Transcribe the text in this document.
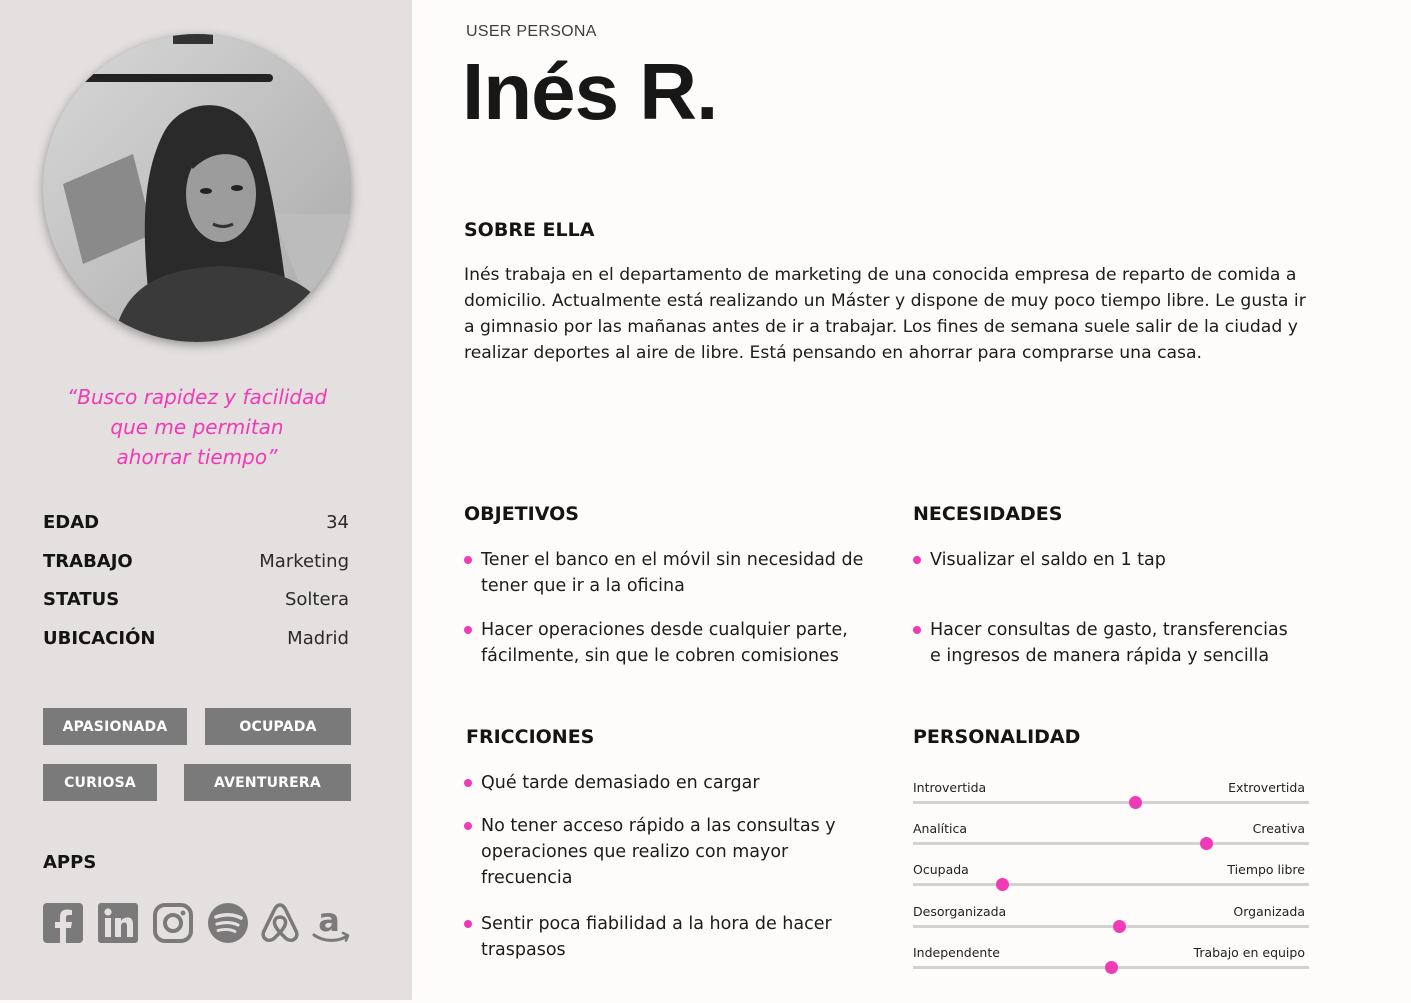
“Busco rapidez y facilidad
que me permitan
ahorrar tiempo”
EDAD	34
TRABAJO	Marketing
STATUS	Soltera
UBICACIÓN	Madrid
APASIONADA	OCUPADA
CURIOSA	AVENTURERA
APPS
a
USER PERSONA
Inés R.
SOBRE ELLA

Inés trabaja en el departamento de marketing de una conocida empresa de reparto de comida a domicilio. Actualmente está realizando un Máster y dispone de muy poco tiempo libre. Le gusta ir a gimnasio por las mañanas antes de ir a trabajar. Los fines de semana suele salir de la ciudad y realizar deportes al aire de libre. Está pensando en ahorrar para comprarse una casa.

OBJETIVOS
Tener el banco en el móvil sin necesidad de tener que ir a la oficina
Hacer operaciones desde cualquier parte, fácilmente, sin que le cobren comisiones
NECESIDADES
Visualizar el saldo en 1 tap
Hacer consultas de gasto, transferencias e ingresos de manera rápida y sencilla
FRICCIONES
Qué tarde demasiado en cargar
No tener acceso rápido a las consultas y operaciones que realizo con mayor frecuencia
Sentir poca fiabilidad a la hora de hacer traspasos
PERSONALIDAD
Introvertida	Extrovertida
Analítica	Creativa
Ocupada	Tiempo libre
Desorganizada	Organizada
Independente	Trabajo en equipo
